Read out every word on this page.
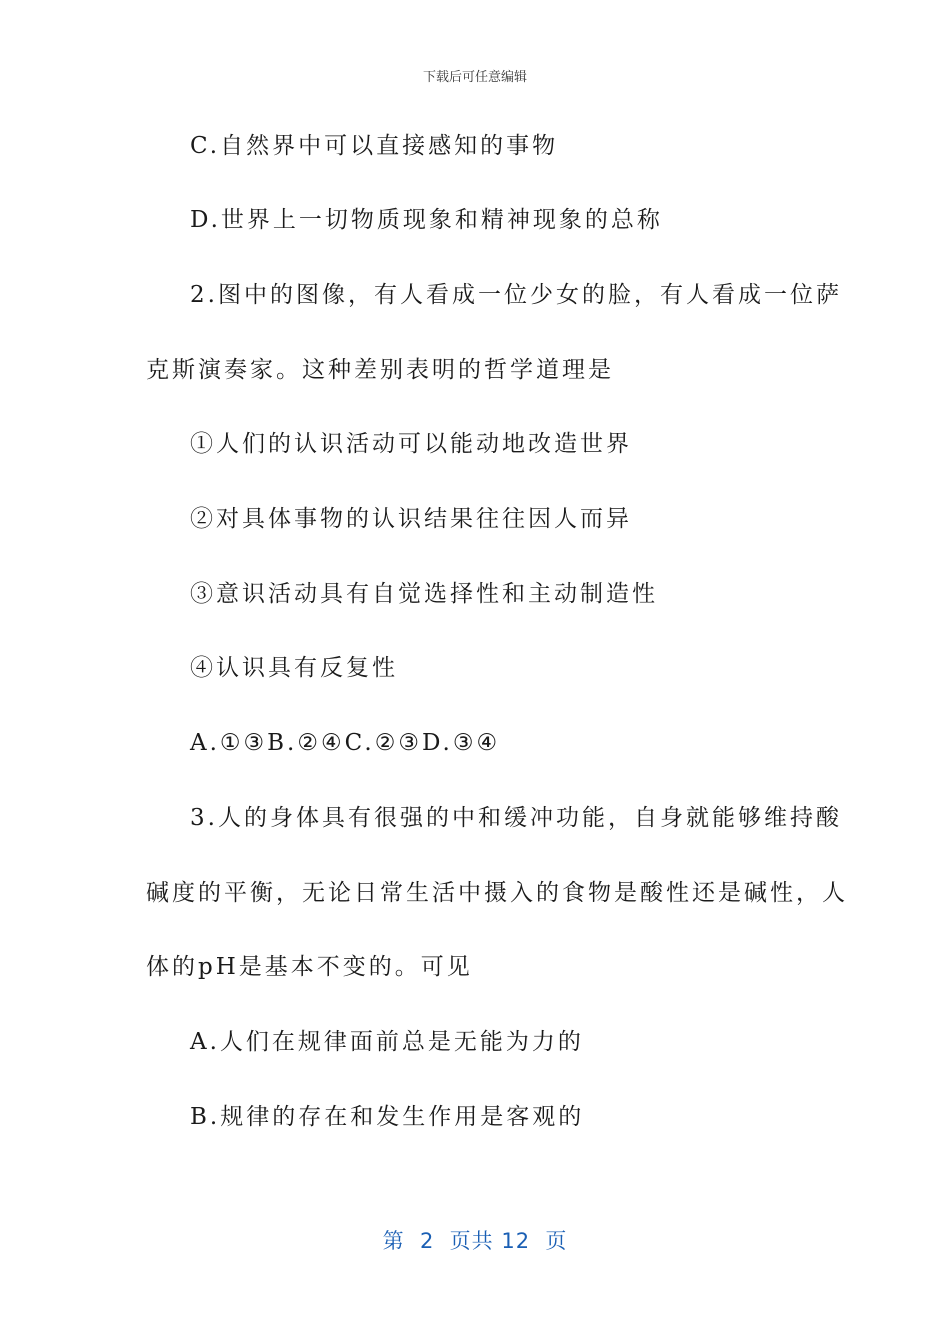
下载后可任意编辑
C.自然界中可以直接感知的事物
D.世界上一切物质现象和精神现象的总称
2.图中的图像，有人看成一位少女的脸，有人看成一位萨
克斯演奏家。这种差别表明的哲学道理是
①人们的认识活动可以能动地改造世界
②对具体事物的认识结果往往因人而异
③意识活动具有自觉选择性和主动制造性
④认识具有反复性
A.①③B.②④C.②③D.③④
3.人的身体具有很强的中和缓冲功能，自身就能够维持酸
碱度的平衡，无论日常生活中摄入的食物是酸性还是碱性，人
体的pH是基本不变的。可见
A.人们在规律面前总是无能为力的
B.规律的存在和发生作用是客观的
第  2  页共 12  页
